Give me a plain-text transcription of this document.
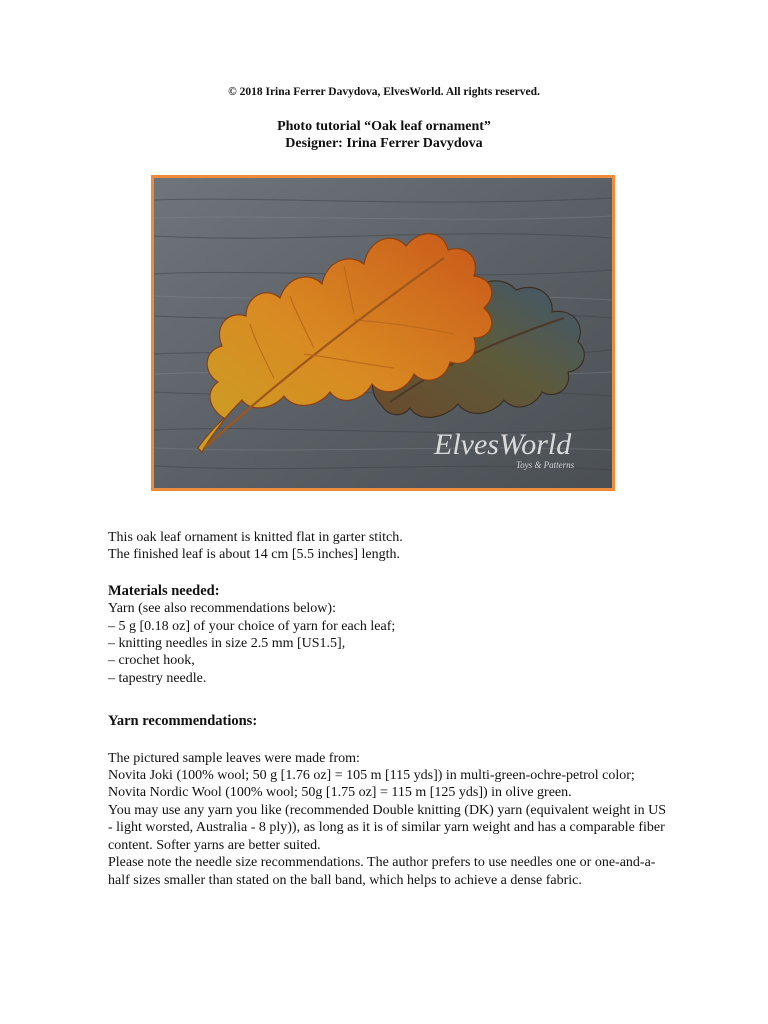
© 2018 Irina Ferrer Davydova, ElvesWorld. All rights reserved.
Photo tutorial “Oak leaf ornament”
Designer: Irina Ferrer Davydova
ElvesWorld
Toys & Patterns

This oak leaf ornament is knitted flat in garter stitch.

The finished leaf is about 14 cm [5.5 inches] length.

Materials needed:

Yarn (see also recommendations below):

– 5 g [0.18 oz] of your choice of yarn for each leaf;

– knitting needles in size 2.5 mm [US1.5],

– crochet hook,

– tapestry needle.

Yarn recommendations:

The pictured sample leaves were made from:

Novita Joki (100% wool; 50 g [1.76 oz] = 105 m [115 yds]) in multi-green-ochre-petrol color;

Novita Nordic Wool (100% wool; 50g [1.75 oz] = 115 m [125 yds]) in olive green.

You may use any yarn you like (recommended Double knitting (DK) yarn (equivalent weight in US - light worsted, Australia - 8 ply)), as long as it is of similar yarn weight and has a comparable fiber content. Softer yarns are better suited.

Please note the needle size recommendations. The author prefers to use needles one or one-and-a-half sizes smaller than stated on the ball band, which helps to achieve a dense fabric.
